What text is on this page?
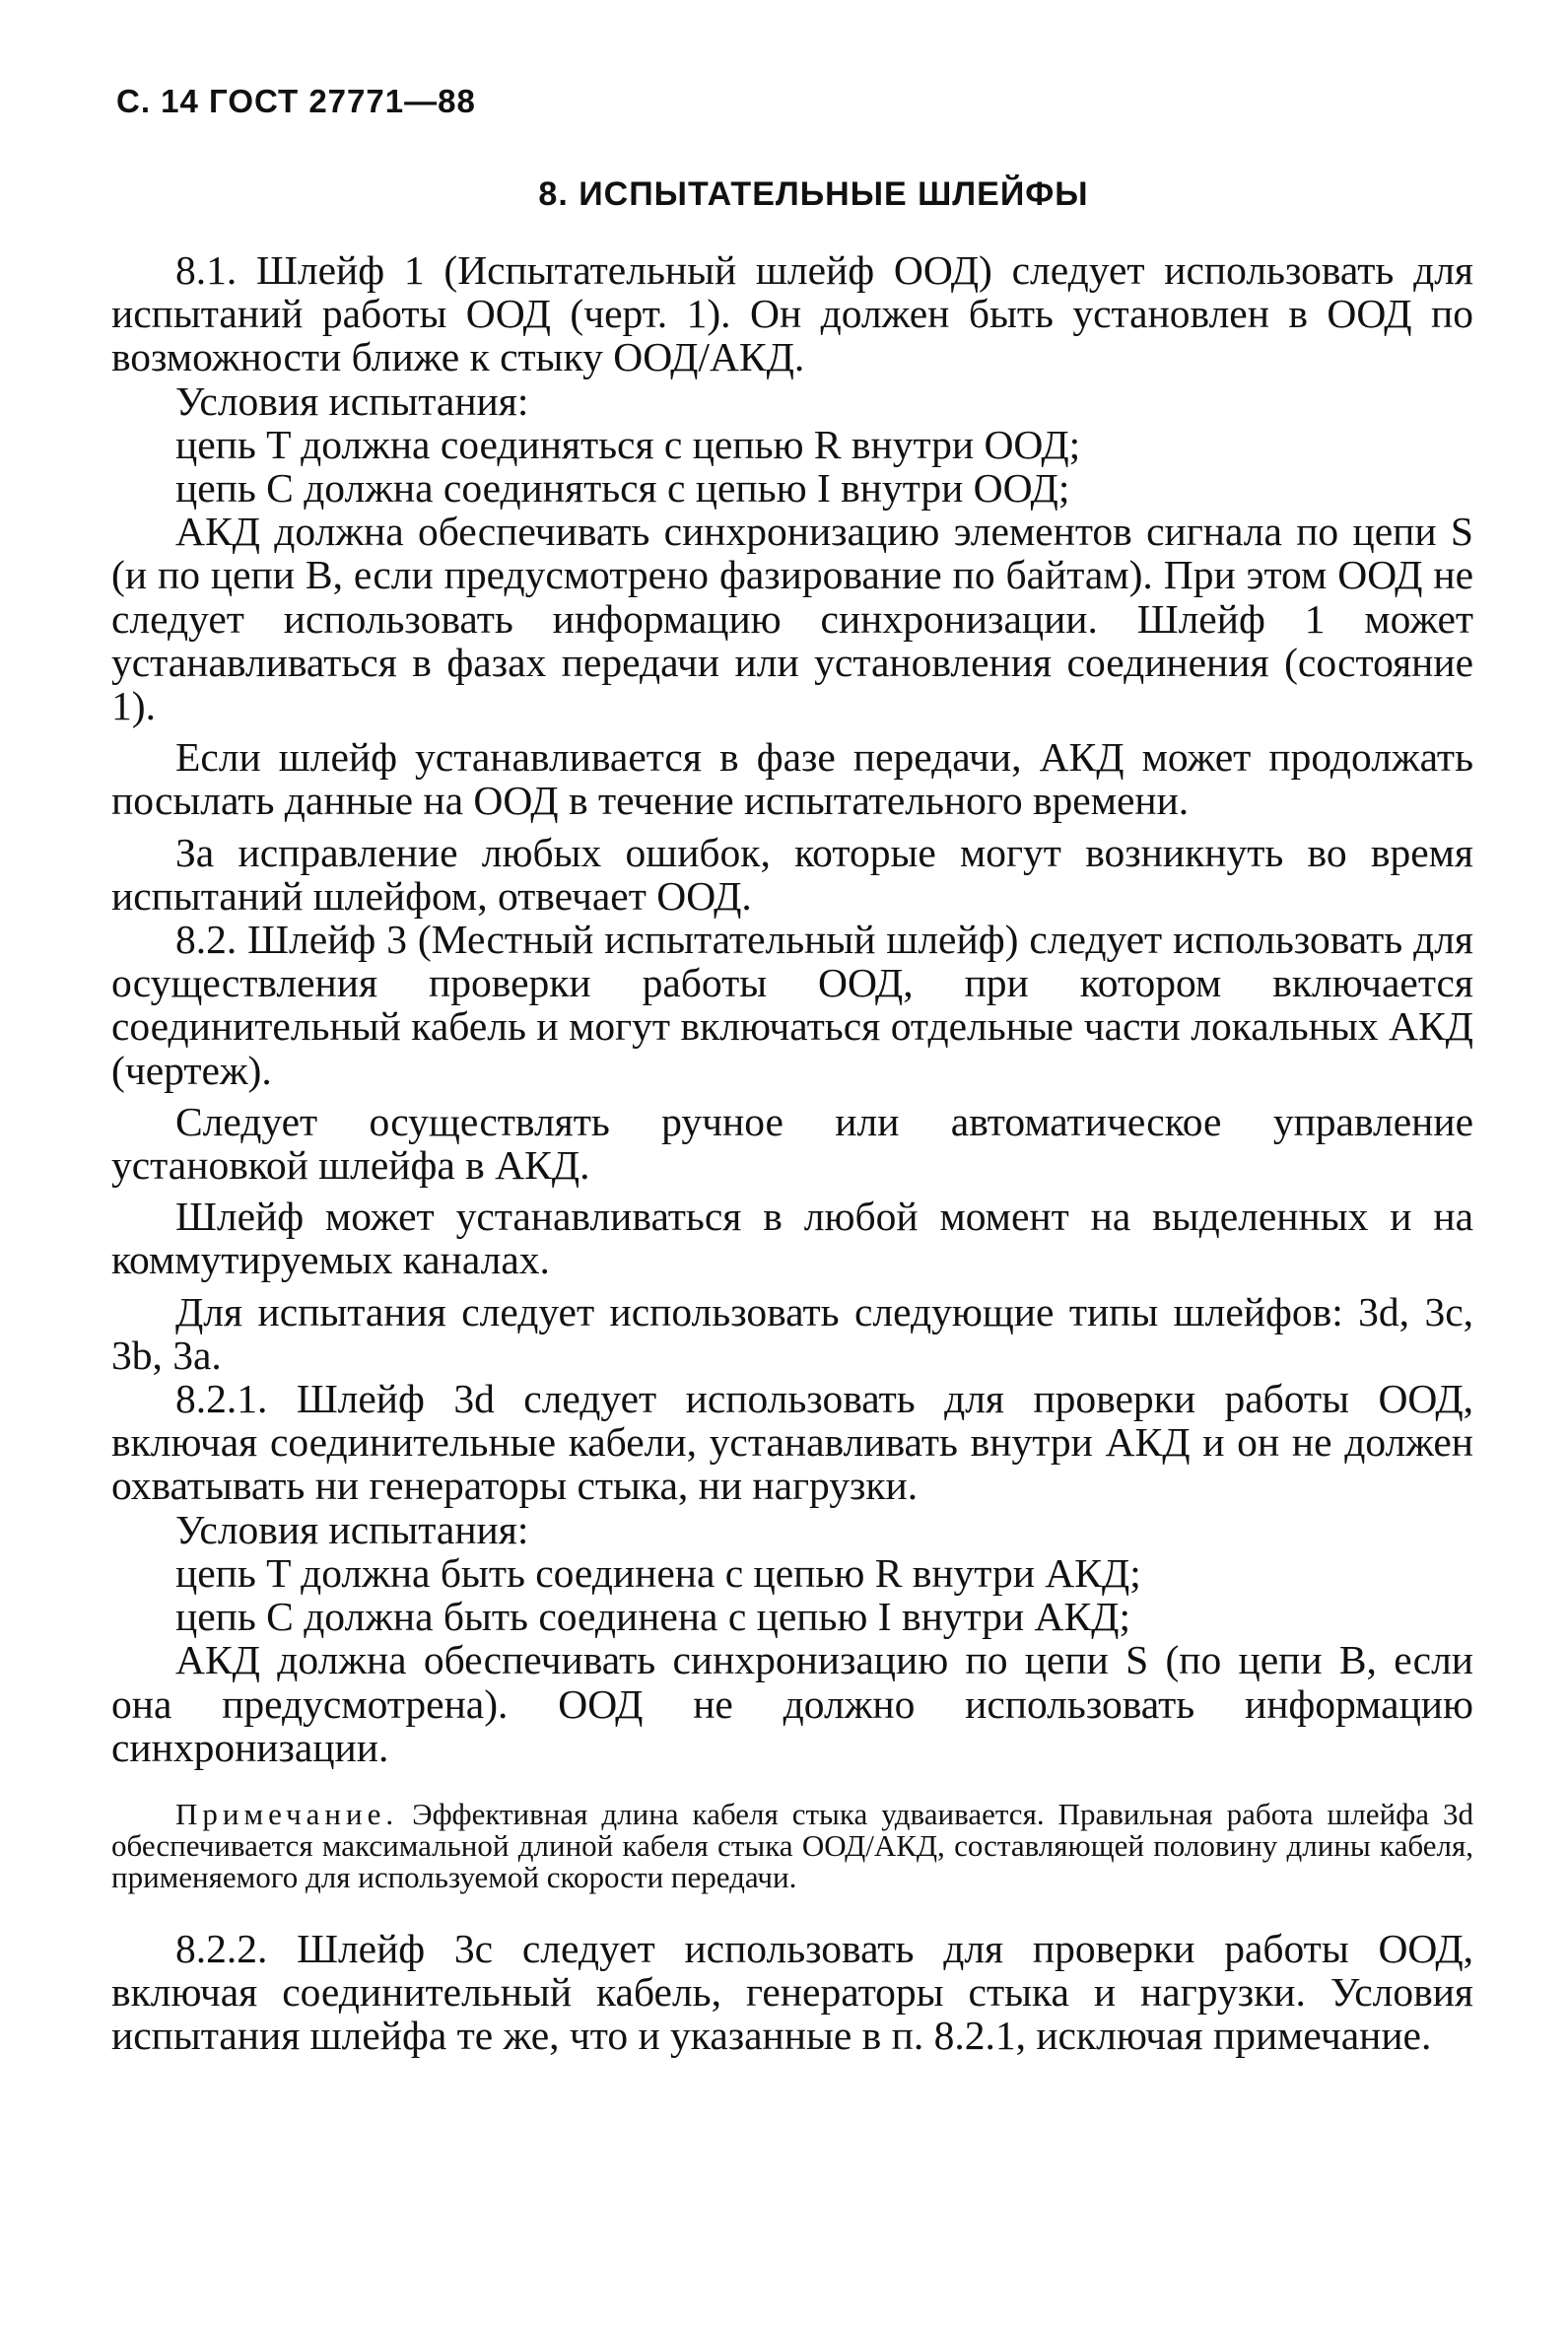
С. 14 ГОСТ 27771—88
8. ИСПЫТАТЕЛЬНЫЕ ШЛЕЙФЫ

8.1. Шлейф 1 (Испытательный шлейф ООД) следует использовать для испытаний работы ООД (черт. 1). Он должен быть установлен в ООД по возможности ближе к стыку ООД/АКД.

Условия испытания:

цепь T должна соединяться с цепью R внутри ООД;

цепь C должна соединяться с цепью I внутри ООД;

АКД должна обеспечивать синхронизацию элементов сигнала по цепи S (и по цепи B, если предусмотрено фазирование по байтам). При этом ООД не следует использовать информацию синхронизации. Шлейф 1 может устанавливаться в фазах передачи или установления соединения (состояние 1).

Если шлейф устанавливается в фазе передачи, АКД может продолжать посылать данные на ООД в течение испытательного времени.

За исправление любых ошибок, которые могут возникнуть во время испытаний шлейфом, отвечает ООД.

8.2. Шлейф 3 (Местный испытательный шлейф) следует использовать для осуществления проверки работы ООД, при котором включается соединительный кабель и могут включаться отдельные части локальных АКД (чертеж).

Следует осуществлять ручное или автоматическое управление установкой шлейфа в АКД.

Шлейф может устанавливаться в любой момент на выделенных и на коммутируемых каналах.

Для испытания следует использовать следующие типы шлейфов: 3d, 3c, 3b, 3a.

8.2.1. Шлейф 3d следует использовать для проверки работы ООД, включая соединительные кабели, устанавливать внутри АКД и он не должен охватывать ни генераторы стыка, ни нагрузки.

Условия испытания:

цепь T должна быть соединена с цепью R внутри АКД;

цепь C должна быть соединена с цепью I внутри АКД;

АКД должна обеспечивать синхронизацию по цепи S (по цепи B, если она предусмотрена). ООД не должно использовать информацию синхронизации.

Примечание. Эффективная длина кабеля стыка удваивается. Правильная работа шлейфа 3d обеспечивается максимальной длиной кабеля стыка ООД/АКД, составляющей половину длины кабеля, применяемого для используемой скорости передачи.

8.2.2. Шлейф 3c следует использовать для проверки работы ООД, включая соединительный кабель, генераторы стыка и нагрузки. Условия испытания шлейфа те же, что и указанные в п. 8.2.1, исключая примечание.
